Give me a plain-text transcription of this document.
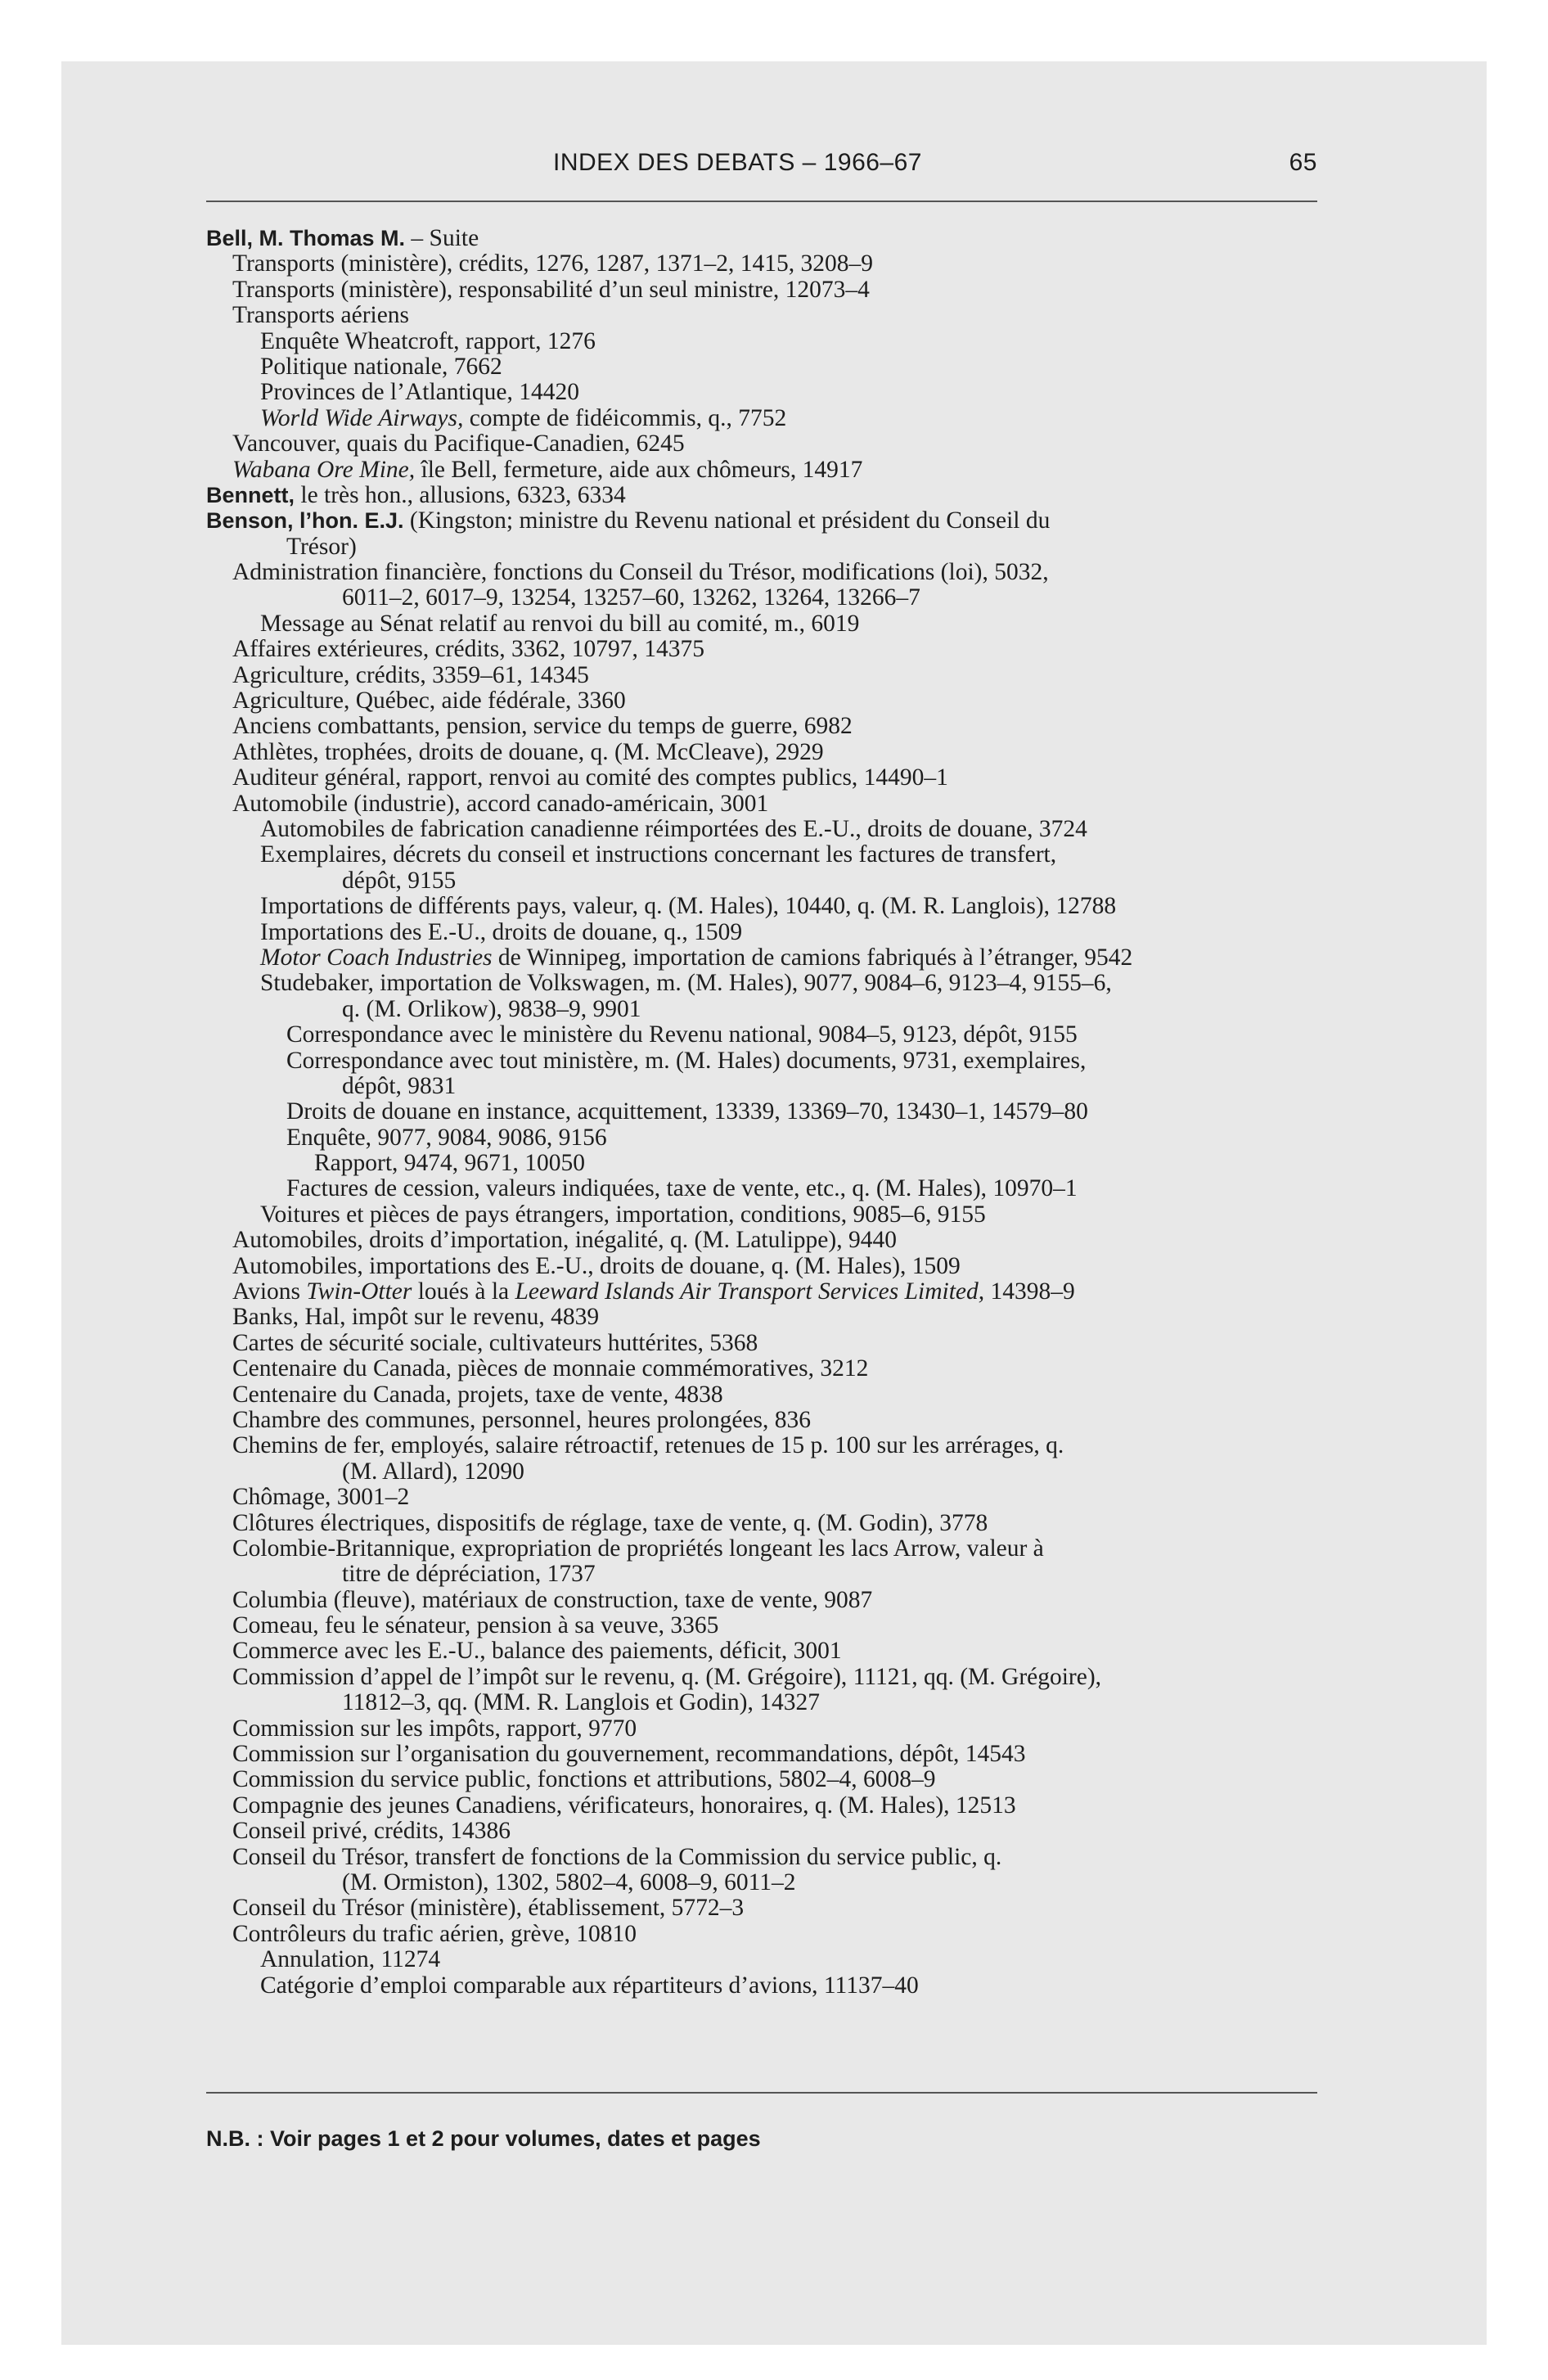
INDEX DES DEBATS – 1966–67	65
Bell, M. Thomas M. – Suite
Transports (ministère), crédits, 1276, 1287, 1371–2, 1415, 3208–9
Transports (ministère), responsabilité d’un seul ministre, 12073–4
Transports aériens
Enquête Wheatcroft, rapport, 1276
Politique nationale, 7662
Provinces de l’Atlantique, 14420
World Wide Airways, compte de fidéicommis, q., 7752
Vancouver, quais du Pacifique-Canadien, 6245
Wabana Ore Mine, île Bell, fermeture, aide aux chômeurs, 14917
Bennett, le très hon., allusions, 6323, 6334
Benson, l’hon. E.J. (Kingston; ministre du Revenu national et président du Conseil du
Trésor)
Administration financière, fonctions du Conseil du Trésor, modifications (loi), 5032,
6011–2, 6017–9, 13254, 13257–60, 13262, 13264, 13266–7
Message au Sénat relatif au renvoi du bill au comité, m., 6019
Affaires extérieures, crédits, 3362, 10797, 14375
Agriculture, crédits, 3359–61, 14345
Agriculture, Québec, aide fédérale, 3360
Anciens combattants, pension, service du temps de guerre, 6982
Athlètes, trophées, droits de douane, q. (M. McCleave), 2929
Auditeur général, rapport, renvoi au comité des comptes publics, 14490–1
Automobile (industrie), accord canado-américain, 3001
Automobiles de fabrication canadienne réimportées des E.-U., droits de douane, 3724
Exemplaires, décrets du conseil et instructions concernant les factures de transfert,
dépôt, 9155
Importations de différents pays, valeur, q. (M. Hales), 10440, q. (M. R. Langlois), 12788
Importations des E.-U., droits de douane, q., 1509
Motor Coach Industries de Winnipeg, importation de camions fabriqués à l’étranger, 9542
Studebaker, importation de Volkswagen, m. (M. Hales), 9077, 9084–6, 9123–4, 9155–6,
q. (M. Orlikow), 9838–9, 9901
Correspondance avec le ministère du Revenu national, 9084–5, 9123, dépôt, 9155
Correspondance avec tout ministère, m. (M. Hales) documents, 9731, exemplaires,
dépôt, 9831
Droits de douane en instance, acquittement, 13339, 13369–70, 13430–1, 14579–80
Enquête, 9077, 9084, 9086, 9156
Rapport, 9474, 9671, 10050
Factures de cession, valeurs indiquées, taxe de vente, etc., q. (M. Hales), 10970–1
Voitures et pièces de pays étrangers, importation, conditions, 9085–6, 9155
Automobiles, droits d’importation, inégalité, q. (M. Latulippe), 9440
Automobiles, importations des E.-U., droits de douane, q. (M. Hales), 1509
Avions Twin-Otter loués à la Leeward Islands Air Transport Services Limited, 14398–9
Banks, Hal, impôt sur le revenu, 4839
Cartes de sécurité sociale, cultivateurs huttérites, 5368
Centenaire du Canada, pièces de monnaie commémoratives, 3212
Centenaire du Canada, projets, taxe de vente, 4838
Chambre des communes, personnel, heures prolongées, 836
Chemins de fer, employés, salaire rétroactif, retenues de 15 p. 100 sur les arrérages, q.
(M. Allard), 12090
Chômage, 3001–2
Clôtures électriques, dispositifs de réglage, taxe de vente, q. (M. Godin), 3778
Colombie-Britannique, expropriation de propriétés longeant les lacs Arrow, valeur à
titre de dépréciation, 1737
Columbia (fleuve), matériaux de construction, taxe de vente, 9087
Comeau, feu le sénateur, pension à sa veuve, 3365
Commerce avec les E.-U., balance des paiements, déficit, 3001
Commission d’appel de l’impôt sur le revenu, q. (M. Grégoire), 11121, qq. (M. Grégoire),
11812–3, qq. (MM. R. Langlois et Godin), 14327
Commission sur les impôts, rapport, 9770
Commission sur l’organisation du gouvernement, recommandations, dépôt, 14543
Commission du service public, fonctions et attributions, 5802–4, 6008–9
Compagnie des jeunes Canadiens, vérificateurs, honoraires, q. (M. Hales), 12513
Conseil privé, crédits, 14386
Conseil du Trésor, transfert de fonctions de la Commission du service public, q.
(M. Ormiston), 1302, 5802–4, 6008–9, 6011–2
Conseil du Trésor (ministère), établissement, 5772–3
Contrôleurs du trafic aérien, grève, 10810
Annulation, 11274
Catégorie d’emploi comparable aux répartiteurs d’avions, 11137–40
N.B. : Voir pages 1 et 2 pour volumes, dates et pages
